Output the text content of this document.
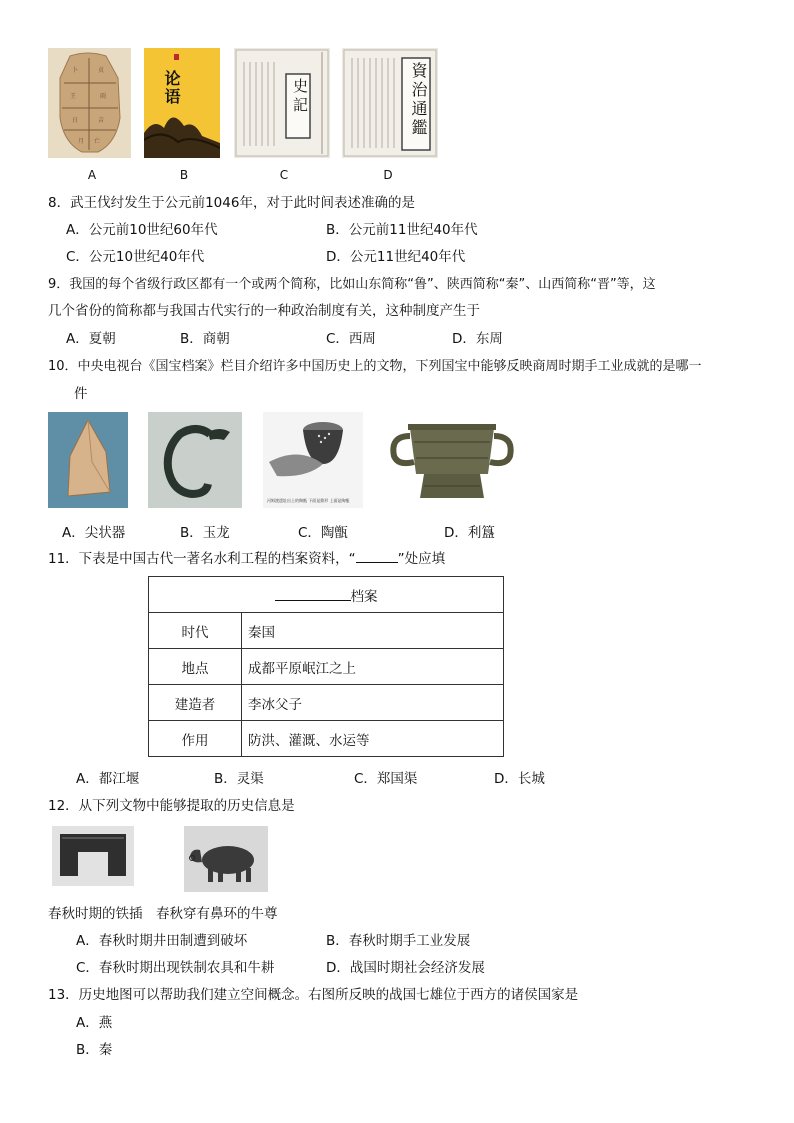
卜	贞
王	雨
日	吉
月 亡
论语	史記	資治通鑑
A	B	C	D
8．武王伐纣发生于公元前1046年，对于此时间表述准确的是
A．公元前10世纪60年代	B．公元前11世纪40年代
C．公元10世纪40年代	D．公元11世纪40年代
9．我国的每个省级行政区都有一个或两个简称，比如山东简称“鲁”、陕西简称“秦”、山西简称“晋”等，这
几个省份的简称都与我国古代实行的一种政治制度有关，这种制度产生于
A．夏朝	B．商朝	C．西周	D．东周
10．中央电视台《国宝档案》栏目介绍许多中国历史上的文物，下列国宝中能够反映商周时期手工业成就的是哪一
件
河姆渡遗址出土的陶甑 下面是鼎形 上面是陶甑
A．尖状器	B．玉龙	C．陶甑	D．利簋
11．下表是中国古代一著名水利工程的档案资料，“	”处应填
档案	
时代	秦国
地点	成都平原岷江之上
建造者	李冰父子
作用	防洪、灌溉、水运等
A．都江堰	B．灵渠	C．郑国渠	D．长城
12．从下列文物中能够提取的历史信息是
春秋时期的铁插　春秋穿有鼻环的牛尊
A．春秋时期井田制遭到破坏	B．春秋时期手工业发展
C．春秋时期出现铁制农具和牛耕	D．战国时期社会经济发展
13．历史地图可以帮助我们建立空间概念。右图所反映的战国七雄位于西方的诸侯国家是
A．燕
B．秦
